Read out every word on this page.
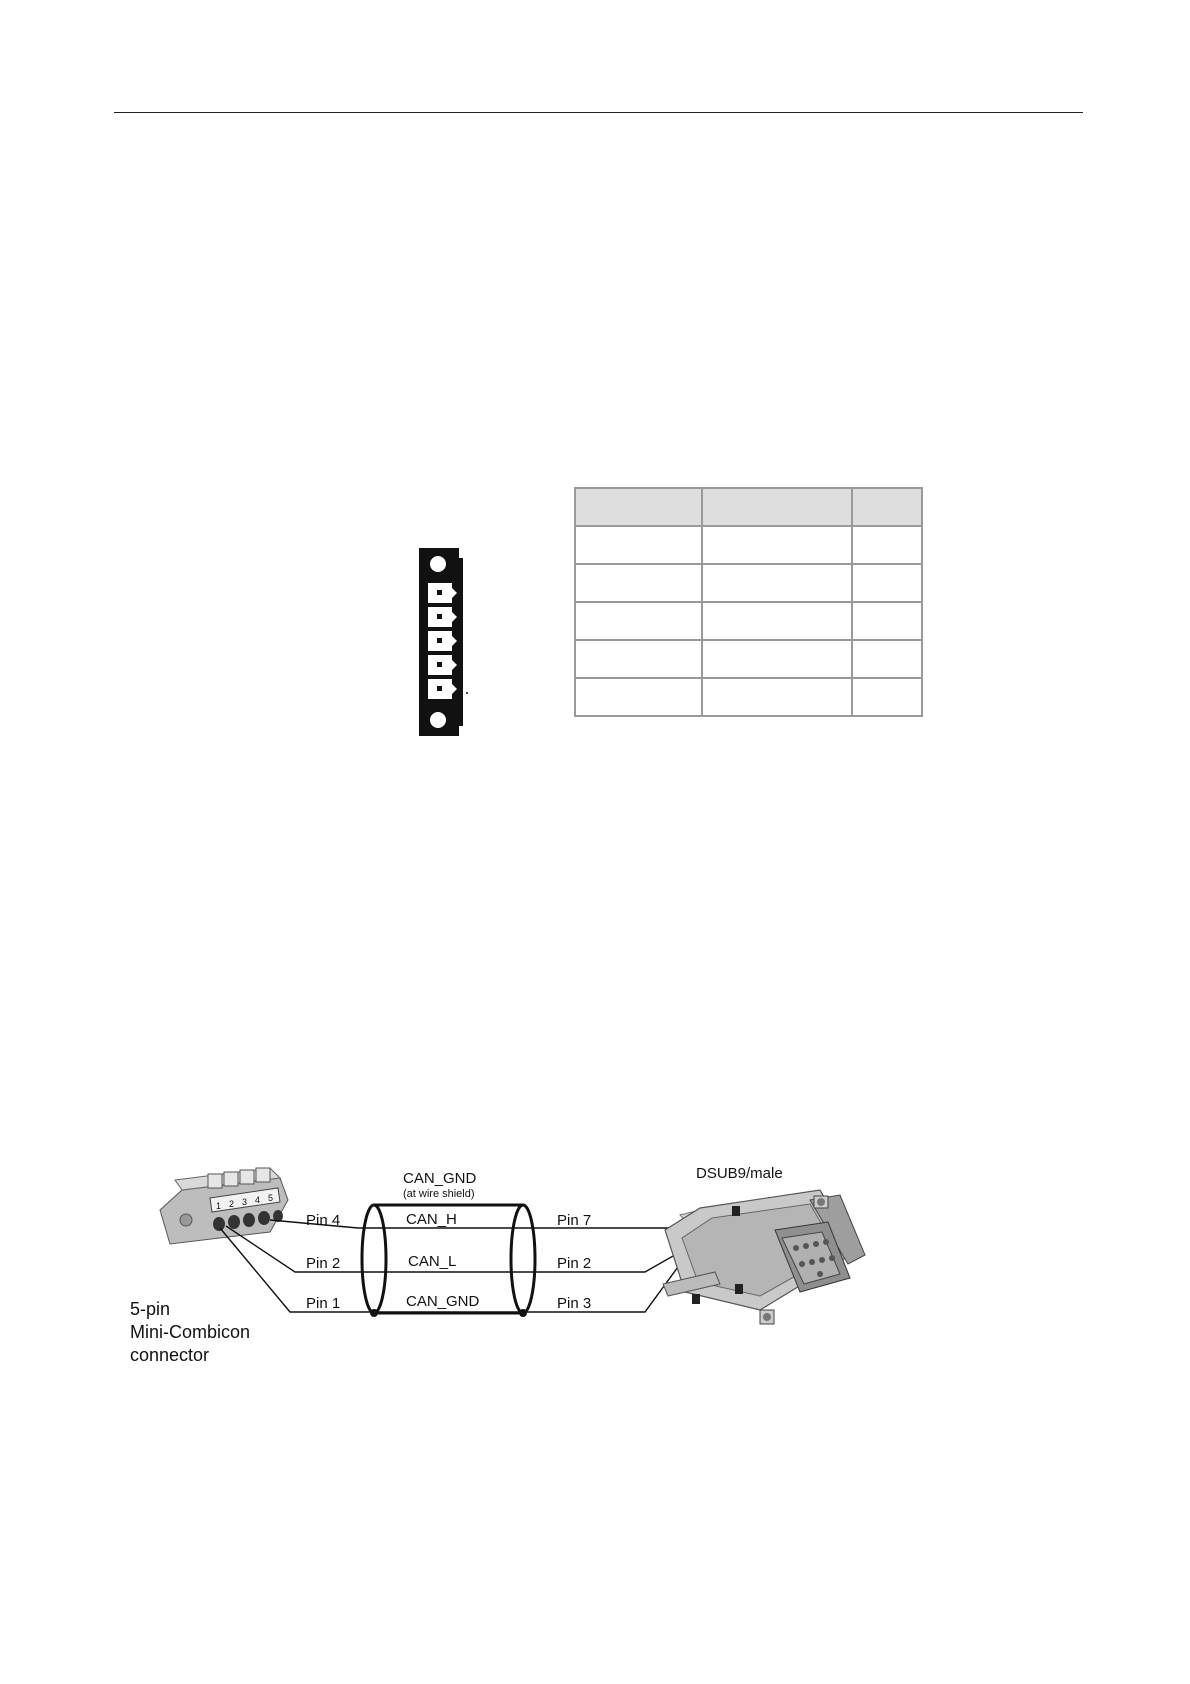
1 2 3 4 5
5-pin
Mini-Combicon
connector
Pin 4
Pin 2
Pin 1
CAN_H
CAN_L
CAN_GND
Pin 7
Pin 2
Pin 3
CAN_GND	DSUB9/male
(at wire shield)
